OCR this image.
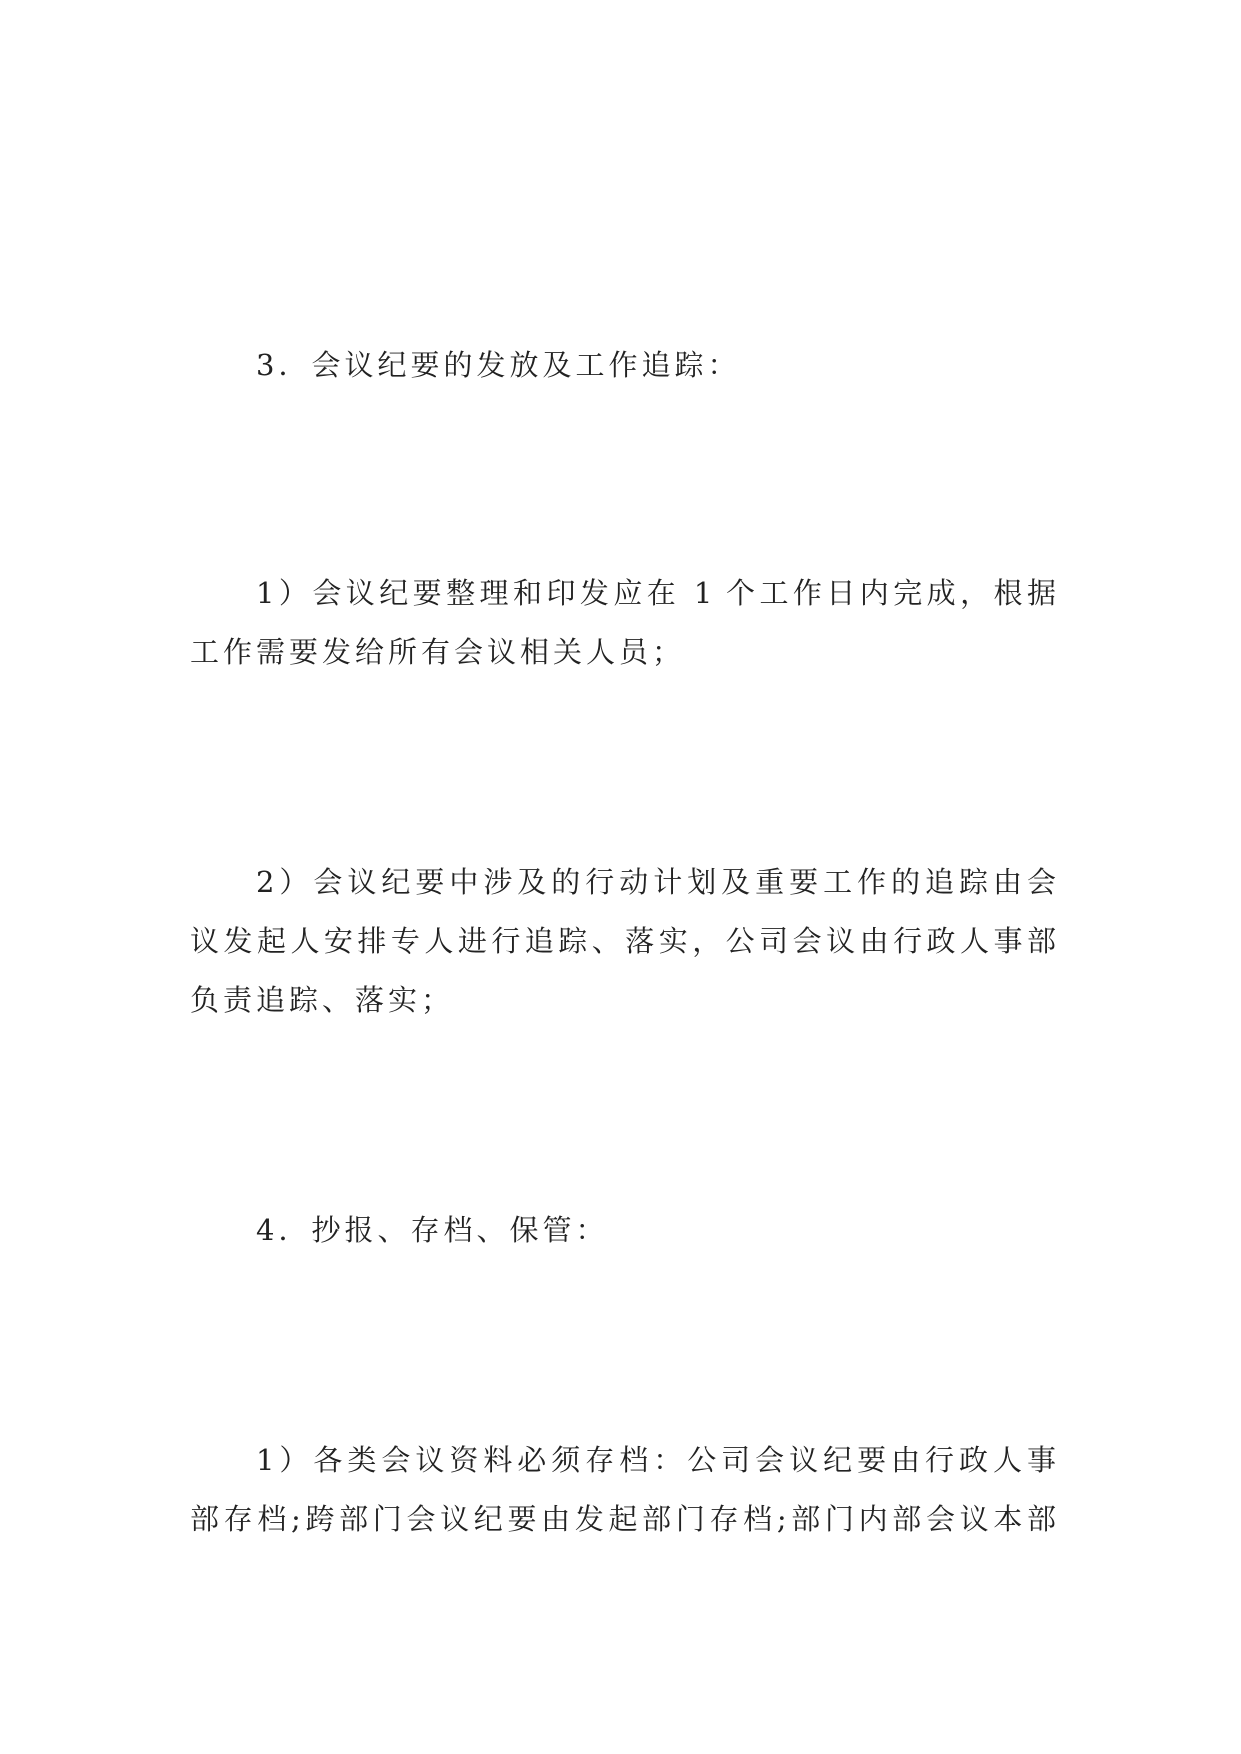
3．会议纪要的发放及工作追踪：
1）会议纪要整理和印发应在 1 个工作日内完成，根据
工作需要发给所有会议相关人员；
2）会议纪要中涉及的行动计划及重要工作的追踪由会
议发起人安排专人进行追踪、落实，公司会议由行政人事部
负责追踪、落实；
4．抄报、存档、保管：
1）各类会议资料必须存档：公司会议纪要由行政人事
部存档;跨部门会议纪要由发起部门存档;部门内部会议本部
